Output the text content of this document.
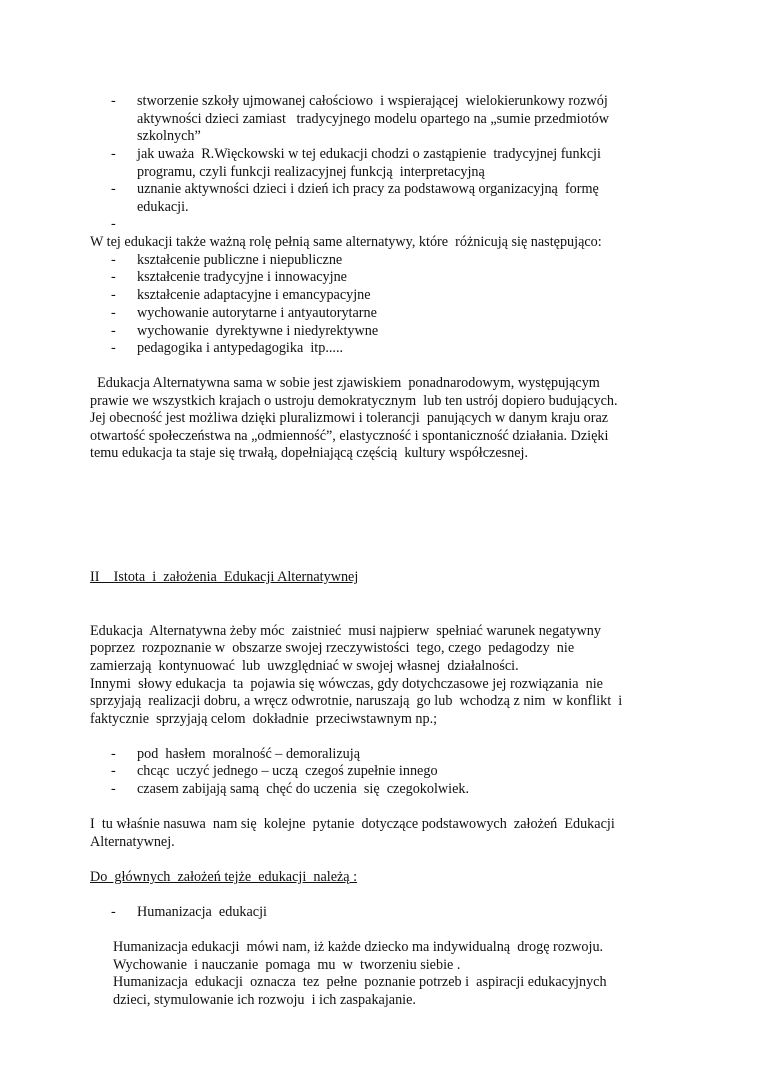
- stworzenie szkoły ujmowanej całościowo  i wspierającej  wielokierunkowy rozwój
aktywności dzieci zamiast   tradycyjnego modelu opartego na „sumie przedmiotów
szkolnych”
- jak uważa  R.Więckowski w tej edukacji chodzi o zastąpienie  tradycyjnej funkcji
programu, czyli funkcji realizacyjnej funkcją  interpretacyjną
- uznanie aktywności dzieci i dzień ich pracy za podstawową organizacyjną  formę
edukacji.
-
W tej edukacji także ważną rolę pełnią same alternatywy, które  różnicują się następująco:
- kształcenie publiczne i niepubliczne
- kształcenie tradycyjne i innowacyjne
- kształcenie adaptacyjne i emancypacyjne
- wychowanie autorytarne i antyautorytarne
- wychowanie  dyrektywne i niedyrektywne
- pedagogika i antypedagogika  itp.....
Edukacja Alternatywna sama w sobie jest zjawiskiem  ponadnarodowym, występującym
prawie we wszystkich krajach o ustroju demokratycznym  lub ten ustrój dopiero budujących.
Jej obecność jest możliwa dzięki pluralizmowi i tolerancji  panujących w danym kraju oraz
otwartość społeczeństwa na „odmienność”, elastyczność i spontaniczność działania. Dzięki
temu edukacja ta staje się trwałą, dopełniającą częścią  kultury współczesnej.
II    Istota  i  założenia  Edukacji Alternatywnej
Edukacja  Alternatywna żeby móc  zaistnieć  musi najpierw  spełniać warunek negatywny
poprzez  rozpoznanie w  obszarze swojej rzeczywistości  tego, czego  pedagodzy  nie
zamierzają  kontynuować  lub  uwzględniać w swojej własnej  działalności.
Innymi  słowy edukacja  ta  pojawia się wówczas, gdy dotychczasowe jej rozwiązania  nie
sprzyjają  realizacji dobru, a wręcz odwrotnie, naruszają  go lub  wchodzą z nim  w konflikt  i
faktycznie  sprzyjają celom  dokładnie  przeciwstawnym np.;
- pod  hasłem  moralność – demoralizują
- chcąc  uczyć jednego – uczą  czegoś zupełnie innego
- czasem zabijają samą  chęć do uczenia  się  czegokolwiek.
I  tu właśnie nasuwa  nam się  kolejne  pytanie  dotyczące podstawowych  założeń  Edukacji
Alternatywnej.
Do  głównych  założeń tejże  edukacji  należą :
- Humanizacja  edukacji
Humanizacja edukacji  mówi nam, iż każde dziecko ma indywidualną  drogę rozwoju.
Wychowanie  i nauczanie  pomaga  mu  w  tworzeniu siebie .
Humanizacja  edukacji  oznacza  tez  pełne  poznanie potrzeb i  aspiracji edukacyjnych
dzieci, stymulowanie ich rozwoju  i ich zaspakajanie.
